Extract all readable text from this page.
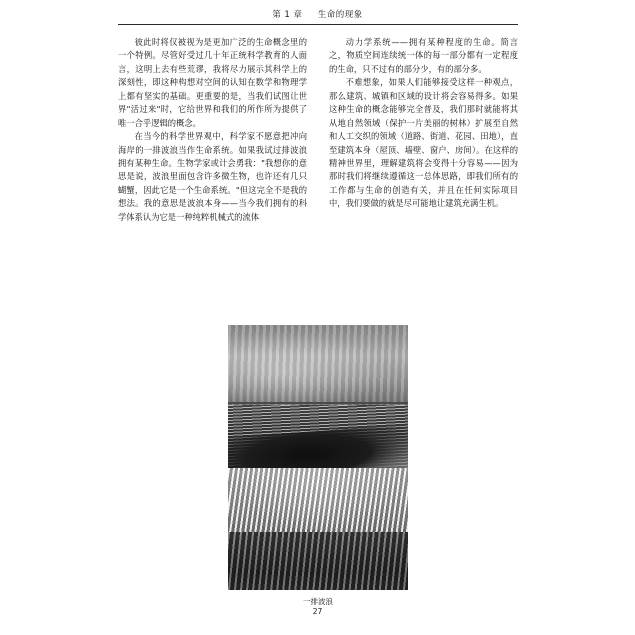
第 1 章 生命的现象

彼此时将仅被视为是更加广泛的生命概念里的一个特例。尽管好受过几十年正统科学教育的人面言，这明上去有些荒谬，我将尽力展示其科学上的深刻性，即这种构想对空间的认知在数学和物理学上都有坚实的基础。更重要的是，当我们试图让世界"活过来"时，它给世界和我们的所作所为提供了唯一合乎逻辑的概念。

在当今的科学世界观中，科学家不愿意把冲向海岸的一排波浪当作生命系统。如果我试过排波浪拥有某种生命。生物学家或计会勇我："我想你的意思是说，波浪里面包含许多微生物，也许还有几只蝴蟹，因此它是一个生命系统。"但这完全不是我的想法。我的意思是波浪本身——当今我们拥有的科学体系认为它是一种纯粹机械式的流体

动力学系统——拥有某种程度的生命。简言之，物质空间连续统一体的每一部分都有一定程度的生命，只不过有的部分少，有的部分多。

不难想象，如果人们能够接受这样一种观点，那么建筑、城镇和区域的设计将会容易得多。如果这种生命的概念能够完全普及，我们那时就能将其从地自然领域（保护一片美丽的树林）扩展至自然和人工交织的领域（道路、街道、花园、田地），直至建筑本身（屋顶、墙壁、窗户、房间）。在这样的精神世界里，理解建筑将会变得十分容易——因为那时我们将继续遵循这一总体思路，即我们所有的工作都与生命的创造有关，并且在任何实际项目中，我们要做的就是尽可能地让建筑充满生机。

一排波浪
27
